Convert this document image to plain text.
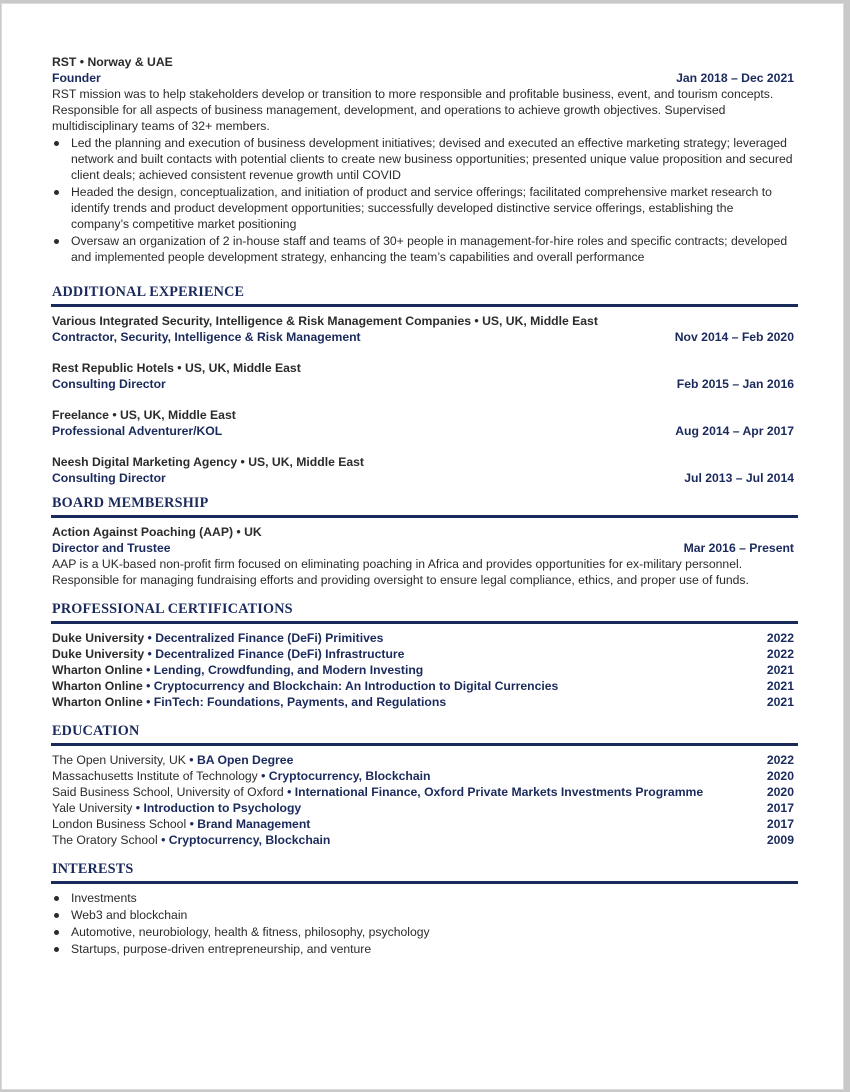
RST • Norway & UAE
Founder	Jan 2018 – Dec 2021
RST mission was to help stakeholders develop or transition to more responsible and profitable business, event, and tourism concepts. Responsible for all aspects of business management, development, and operations to achieve growth objectives. Supervised multidisciplinary teams of 32+ members.
Led the planning and execution of business development initiatives; devised and executed an effective marketing strategy; leveraged network and built contacts with potential clients to create new business opportunities; presented unique value proposition and secured client deals; achieved consistent revenue growth until COVID
Headed the design, conceptualization, and initiation of product and service offerings; facilitated comprehensive market research to identify trends and product development opportunities; successfully developed distinctive service offerings, establishing the company’s competitive market positioning
Oversaw an organization of 2 in-house staff and teams of 30+ people in management-for-hire roles and specific contracts; developed and implemented people development strategy, enhancing the team’s capabilities and overall performance
ADDITIONAL EXPERIENCE
Various Integrated Security, Intelligence & Risk Management Companies • US, UK, Middle East
Contractor, Security, Intelligence & Risk Management	Nov 2014 – Feb 2020
Rest Republic Hotels • US, UK, Middle East
Consulting Director	Feb 2015 – Jan 2016
Freelance • US, UK, Middle East
Professional Adventurer/KOL	Aug 2014 – Apr 2017
Neesh Digital Marketing Agency • US, UK, Middle East
Consulting Director	Jul 2013 – Jul 2014
BOARD MEMBERSHIP
Action Against Poaching (AAP) • UK
Director and Trustee	Mar 2016 – Present
AAP is a UK-based non-profit firm focused on eliminating poaching in Africa and provides opportunities for ex-military personnel. Responsible for managing fundraising efforts and providing oversight to ensure legal compliance, ethics, and proper use of funds.
PROFESSIONAL CERTIFICATIONS
Duke University • Decentralized Finance (DeFi) Primitives	2022
Duke University • Decentralized Finance (DeFi) Infrastructure	2022
Wharton Online • Lending, Crowdfunding, and Modern Investing	2021
Wharton Online • Cryptocurrency and Blockchain: An Introduction to Digital Currencies	2021
Wharton Online • FinTech: Foundations, Payments, and Regulations	2021
EDUCATION
The Open University, UK • BA Open Degree	2022
Massachusetts Institute of Technology • Cryptocurrency, Blockchain	2020
Said Business School, University of Oxford • International Finance, Oxford Private Markets Investments Programme	2020
Yale University • Introduction to Psychology	2017
London Business School • Brand Management	2017
The Oratory School • Cryptocurrency, Blockchain	2009
INTERESTS
Investments
Web3 and blockchain
Automotive, neurobiology, health & fitness, philosophy, psychology
Startups, purpose-driven entrepreneurship, and venture
